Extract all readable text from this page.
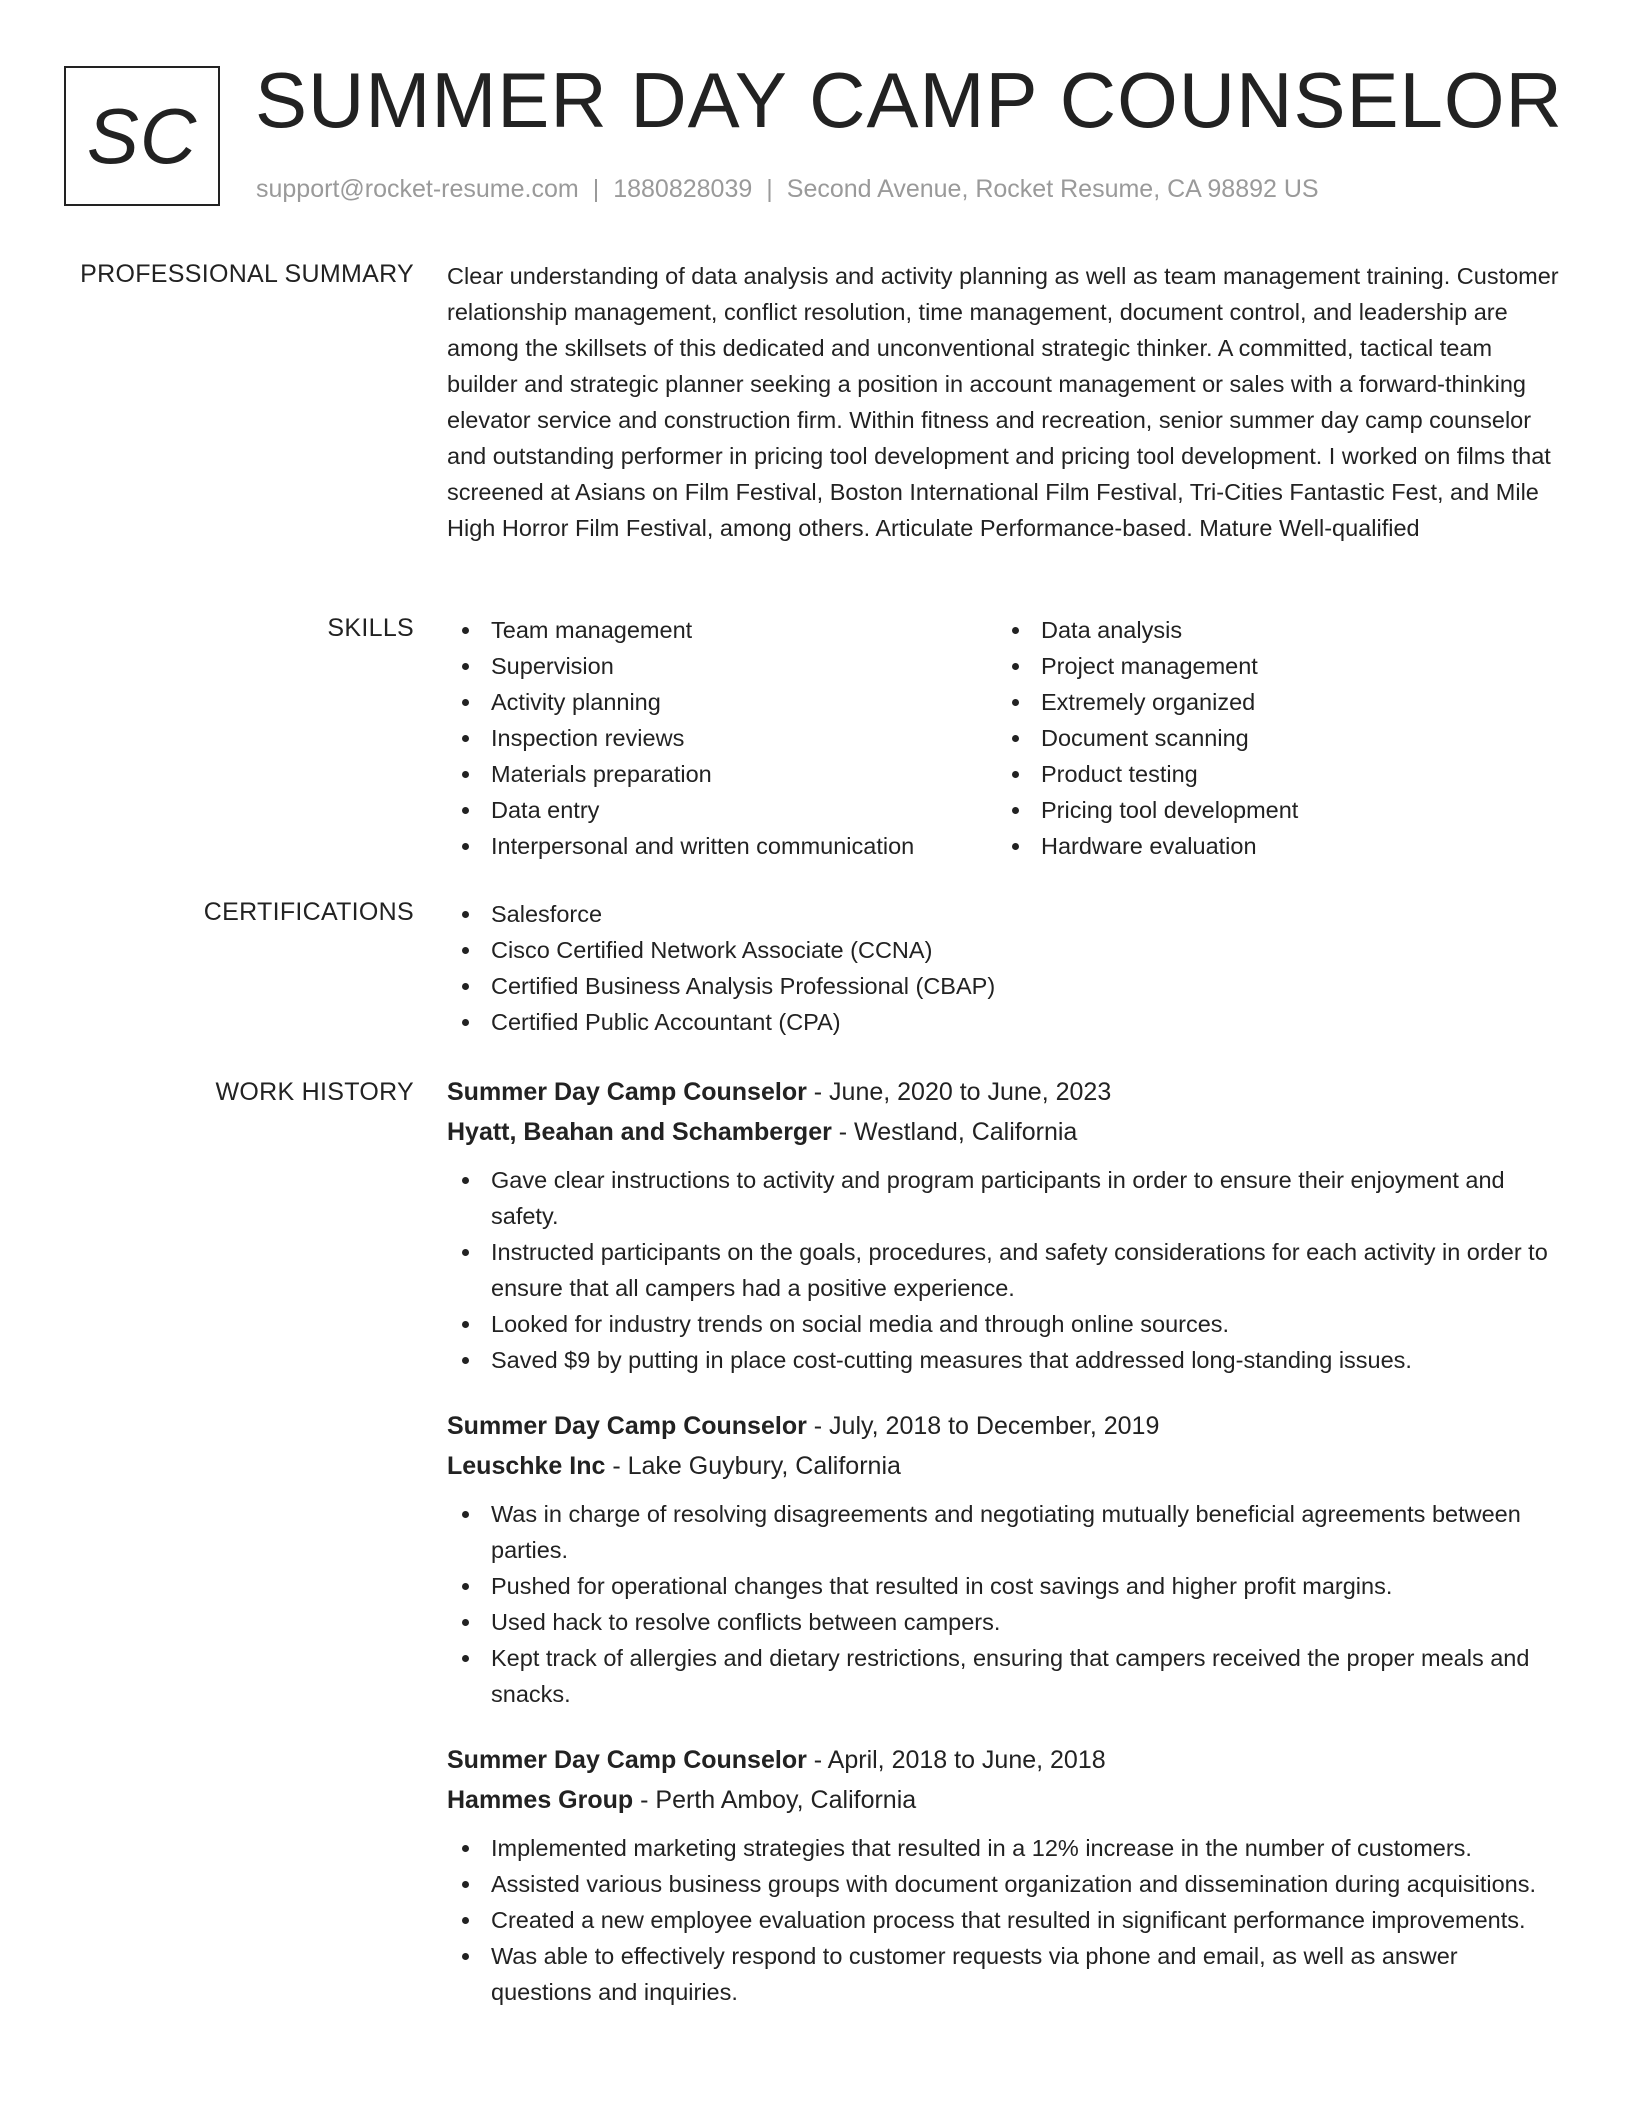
SC SUMMER DAY CAMP COUNSELOR
support@rocket-resume.com | 1880828039 | Second Avenue, Rocket Resume, CA 98892 US
PROFESSIONAL SUMMARY Clear understanding of data analysis and activity planning as well as team management training. Customer relationship management, conflict resolution, time management, document control, and leadership are among the skillsets of this dedicated and unconventional strategic thinker. A committed, tactical team builder and strategic planner seeking a position in account management or sales with a forward-thinking elevator service and construction firm. Within fitness and recreation, senior summer day camp counselor and outstanding performer in pricing tool development and pricing tool development. I worked on films that screened at Asians on Film Festival, Boston International Film Festival, Tri-Cities Fantastic Fest, and Mile High Horror Film Festival, among others. Articulate Performance-based. Mature Well-qualified
SKILLS	Team management
Supervision
Activity planning
Inspection reviews
Materials preparation
Data entry
Interpersonal and written communication
Data analysis
Project management
Extremely organized
Document scanning
Product testing
Pricing tool development
Hardware evaluation
CERTIFICATIONS	Salesforce
Cisco Certified Network Associate (CCNA)
Certified Business Analysis Professional (CBAP)
Certified Public Accountant (CPA)
WORK HISTORY Summer Day Camp Counselor - June, 2020 to June, 2023
Hyatt, Beahan and Schamberger - Westland, California
Gave clear instructions to activity and program participants in order to ensure their enjoyment and safety.
Instructed participants on the goals, procedures, and safety considerations for each activity in order to ensure that all campers had a positive experience.
Looked for industry trends on social media and through online sources.
Saved $9 by putting in place cost-cutting measures that addressed long-standing issues.
Summer Day Camp Counselor - July, 2018 to December, 2019
Leuschke Inc - Lake Guybury, California
Was in charge of resolving disagreements and negotiating mutually beneficial agreements between parties.
Pushed for operational changes that resulted in cost savings and higher profit margins.
Used hack to resolve conflicts between campers.
Kept track of allergies and dietary restrictions, ensuring that campers received the proper meals and snacks.
Summer Day Camp Counselor - April, 2018 to June, 2018
Hammes Group - Perth Amboy, California
Implemented marketing strategies that resulted in a 12% increase in the number of customers.
Assisted various business groups with document organization and dissemination during acquisitions.
Created a new employee evaluation process that resulted in significant performance improvements.
Was able to effectively respond to customer requests via phone and email, as well as answer questions and inquiries.
